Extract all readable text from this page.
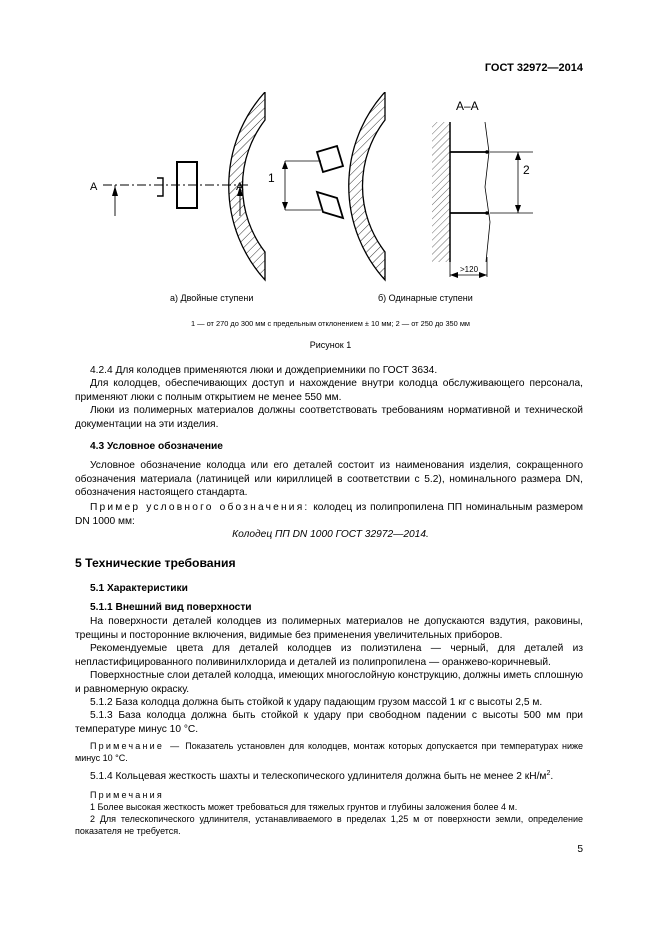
ГОСТ 32972—2014
А	А
1
А–А
2
>120
а) Двойные ступени	б) Одинарные ступени
1 — от 270 до 300 мм с предельным отклонением ± 10 мм; 2 — от 250 до 350 мм
Рисунок 1

4.2.4 Для колодцев применяются люки и дождеприемники по ГОСТ 3634.

Для колодцев, обеспечивающих доступ и нахождение внутри колодца обслуживающего персонала, применяют люки с полным открытием не менее 550 мм.

Люки из полимерных материалов должны соответствовать требованиям нормативной и технической документации на эти изделия.

4.3 Условное обозначение

Условное обозначение колодца или его деталей состоит из наименования изделия, сокращенного обозначения материала (латиницей или кириллицей в соответствии с 5.2), номинального размера DN, обозначения настоящего стандарта.

Пример условного обозначения: колодец из полипропилена ПП номинальным размером DN 1000 мм:

Колодец ПП DN 1000 ГОСТ 32972—2014.
5 Технические требования

5.1 Характеристики

5.1.1 Внешний вид поверхности

На поверхности деталей колодцев из полимерных материалов не допускаются вздутия, раковины, трещины и посторонние включения, видимые без применения увеличительных приборов.

Рекомендуемые цвета для деталей колодцев из полиэтилена — черный, для деталей из непластифицированного поливинилхлорида и деталей из полипропилена — оранжево-коричневый.

Поверхностные слои деталей колодца, имеющих многослойную конструкцию, должны иметь сплошную и равномерную окраску.

5.1.2 База колодца должна быть стойкой к удару падающим грузом массой 1 кг с высоты 2,5 м.

5.1.3 База колодца должна быть стойкой к удару при свободном падении с высоты 500 мм при температуре минус 10 °С.

Примечание — Показатель установлен для колодцев, монтаж которых допускается при температурах ниже минус 10 °С.

5.1.4 Кольцевая жесткость шахты и телескопического удлинителя должна быть не менее 2 $кН/м^2$.

Примечания

1 Более высокая жесткость может требоваться для тяжелых грунтов и глубины заложения более 4 м.

2 Для телескопического удлинителя, устанавливаемого в пределах 1,25 м от поверхности земли, определение показателя не требуется.

5
